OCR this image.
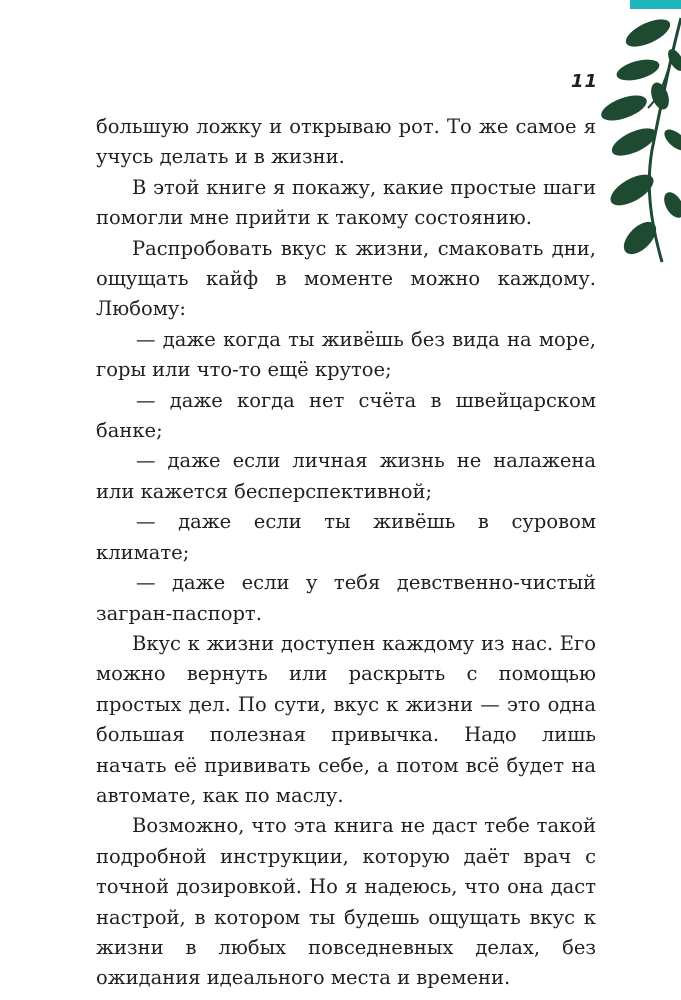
11

большую ложку и открываю рот. То же самое я учусь делать и в жизни.

В этой книге я покажу, какие простые шаги помогли мне прийти к такому состоянию.

Распробовать вкус к жизни, смаковать дни, ощущать кайф в моменте можно каждому. Любому:

— даже когда ты живёшь без вида на море, горы или что-то ещё крутое;

— даже когда нет счёта в швейцарском банке;

— даже если личная жизнь не налажена или кажется бесперспективной;

— даже если ты живёшь в суровом климате;

— даже если у тебя девственно-чистый загран-паспорт.

Вкус к жизни доступен каждому из нас. Его можно вернуть или раскрыть с помощью простых дел. По сути, вкус к жизни — это одна большая полезная привычка. Надо лишь начать её прививать себе, а потом всё будет на автомате, как по маслу.

Возможно, что эта книга не даст тебе такой подробной инструкции, которую даёт врач с точной дозировкой. Но я надеюсь, что она даст настрой, в котором ты будешь ощущать вкус к жизни в любых повседневных делах, без ожидания идеального места и времени.
